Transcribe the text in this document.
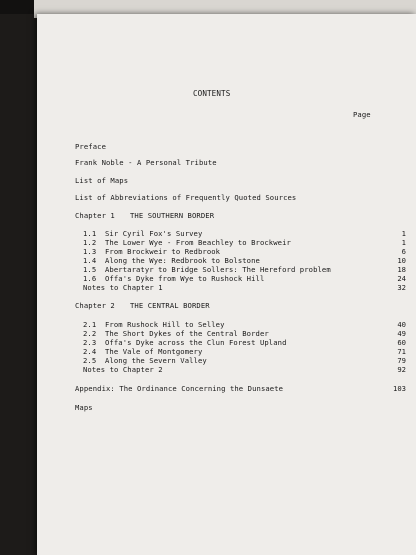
CONTENTS
Page
Preface
Frank Noble - A Personal Tribute
List of Maps
List of Abbreviations of Frequently Quoted Sources
Chapter 1 THE SOUTHERN BORDER
1.1 Sir Cyril Fox's Survey	1
1.2 The Lower Wye - From Beachley to Brockweir	1
1.3 From Brockweir to Redbrook	6
1.4 Along the Wye: Redbrook to Bolstone	10
1.5 Abertaratyr to Bridge Sollers: The Hereford problem	18
1.6 Offa's Dyke from Wye to Rushock Hill	24
Notes to Chapter 1	32
Chapter 2 THE CENTRAL BORDER
2.1 From Rushock Hill to Selley	40
2.2 The Short Dykes of the Central Border	49
2.3 Offa's Dyke across the Clun Forest Upland	60
2.4 The Vale of Montgomery	71
2.5 Along the Severn Valley	79
Notes to Chapter 2	92
Appendix: The Ordinance Concerning the Dunsaete	103
Maps
